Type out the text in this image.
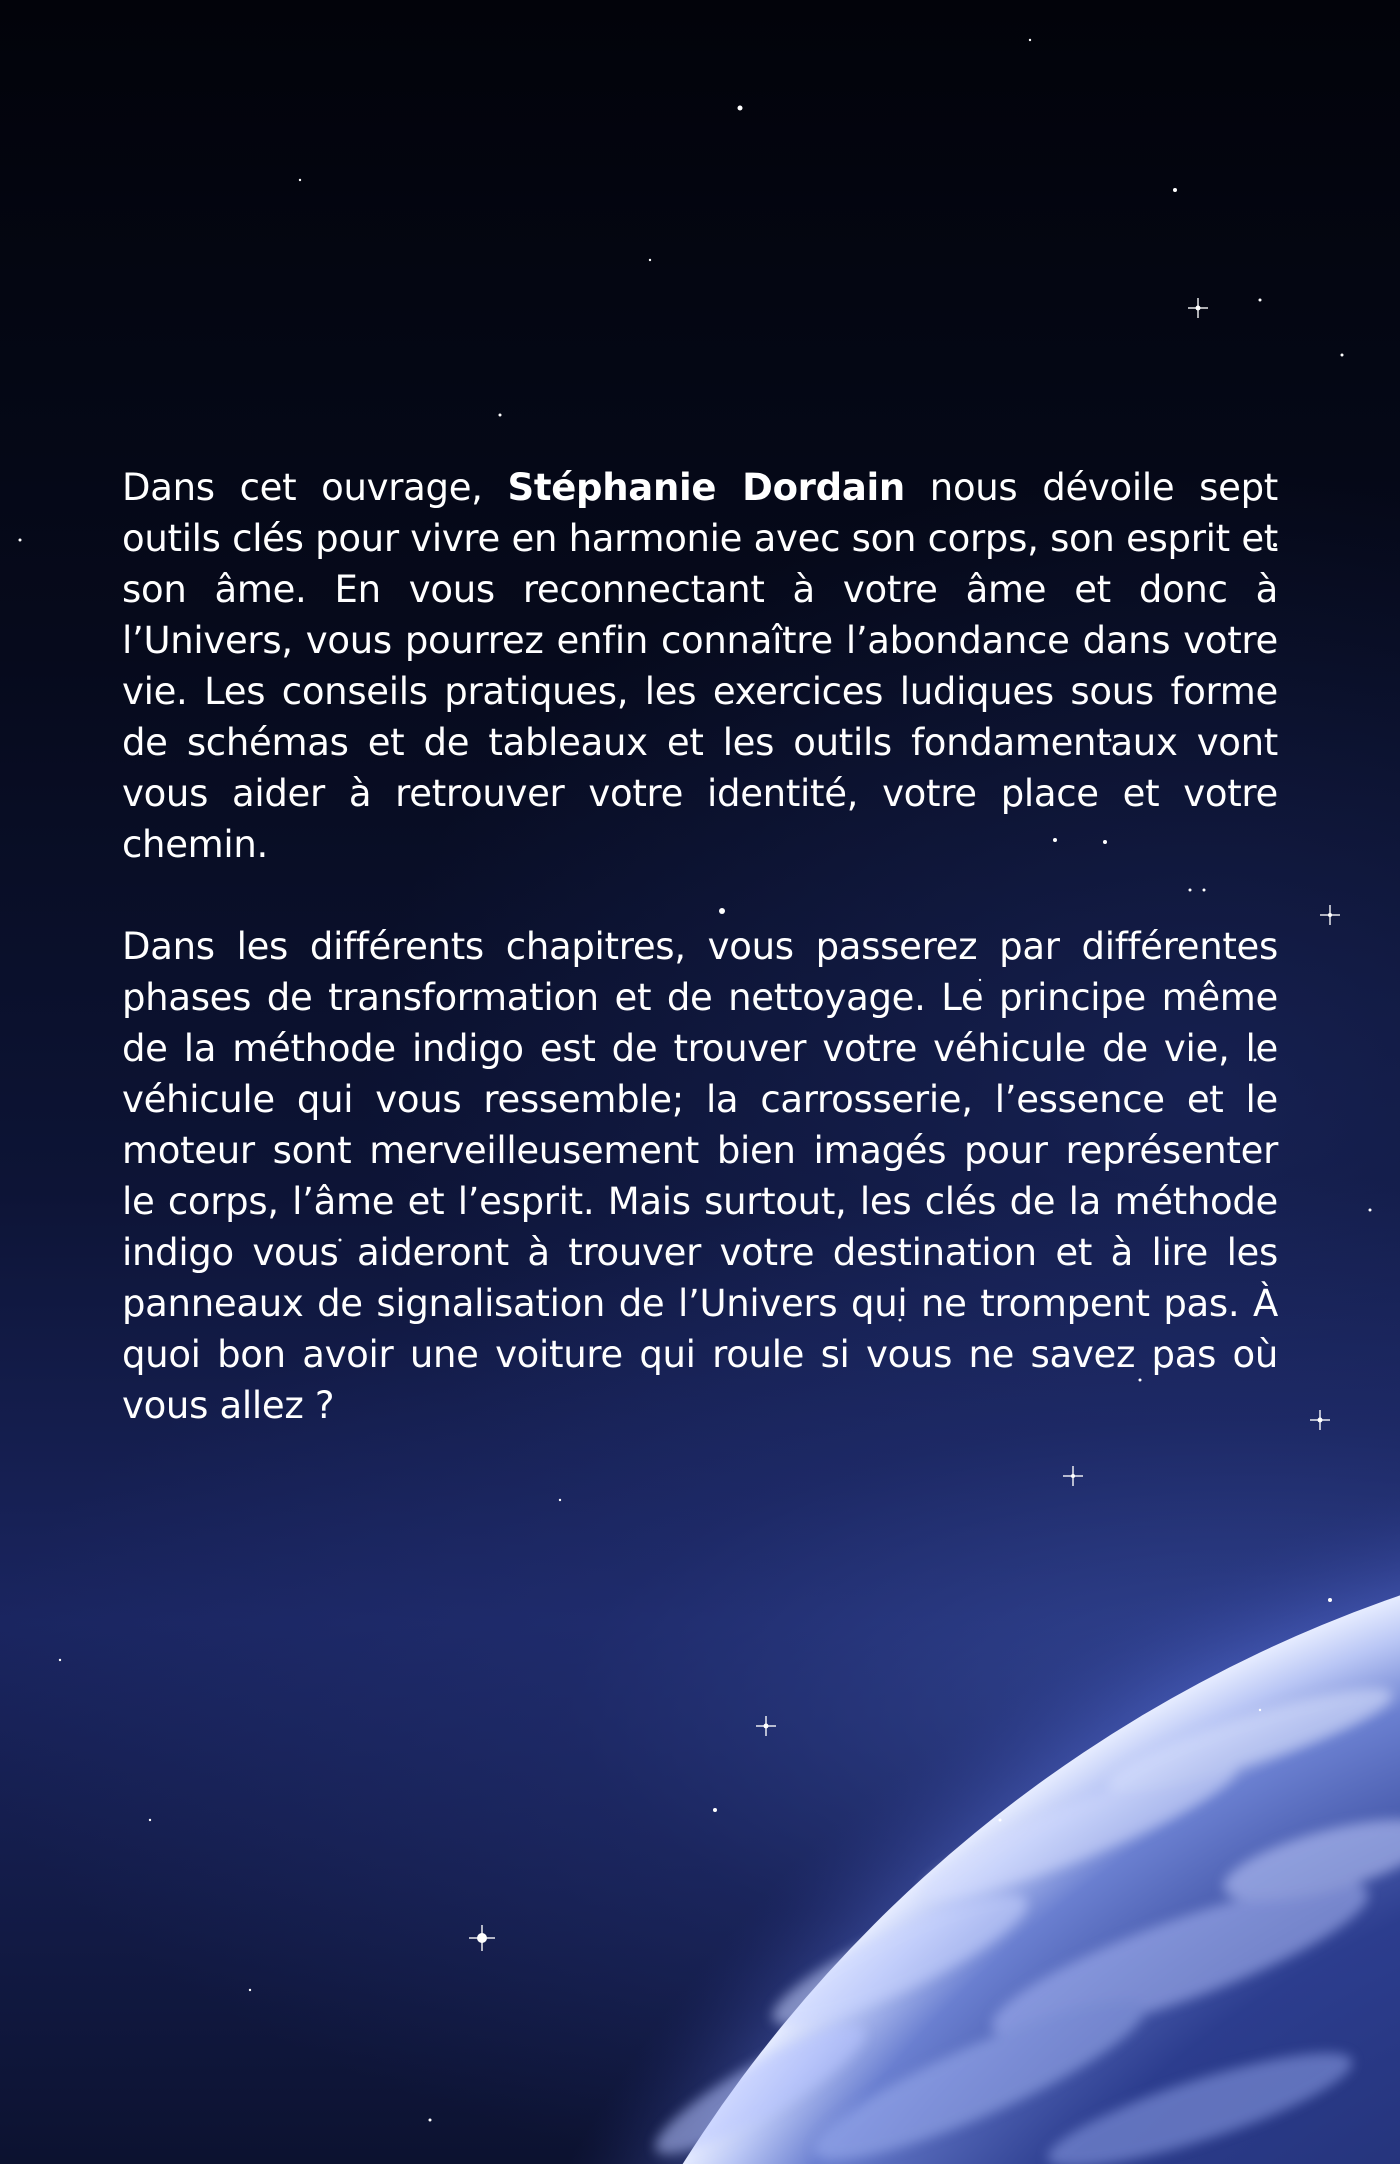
Dans cet ouvrage, Stéphanie Dordain nous dévoile sept outils clés pour vivre en harmonie avec son corps, son esprit et son âme. En vous reconnectant à votre âme et donc à l’Univers, vous pourrez enfin connaître l’abondance dans votre vie. Les conseils pratiques, les exercices ludiques sous forme de schémas et de tableaux et les outils fondamentaux vont vous aider à retrouver votre identité, votre place et votre chemin.

Dans les différents chapitres, vous passerez par différentes phases de transformation et de nettoyage. Le principe même de la méthode indigo est de trouver votre véhicule de vie, le véhicule qui vous ressemble; la carrosserie, l’essence et le moteur sont merveilleusement bien imagés pour représenter le corps, l’âme et l’esprit. Mais surtout, les clés de la méthode indigo vous aideront à trouver votre destination et à lire les panneaux de signalisation de l’Univers qui ne trompent pas. À quoi bon avoir une voiture qui roule si vous ne savez pas où vous allez ?
